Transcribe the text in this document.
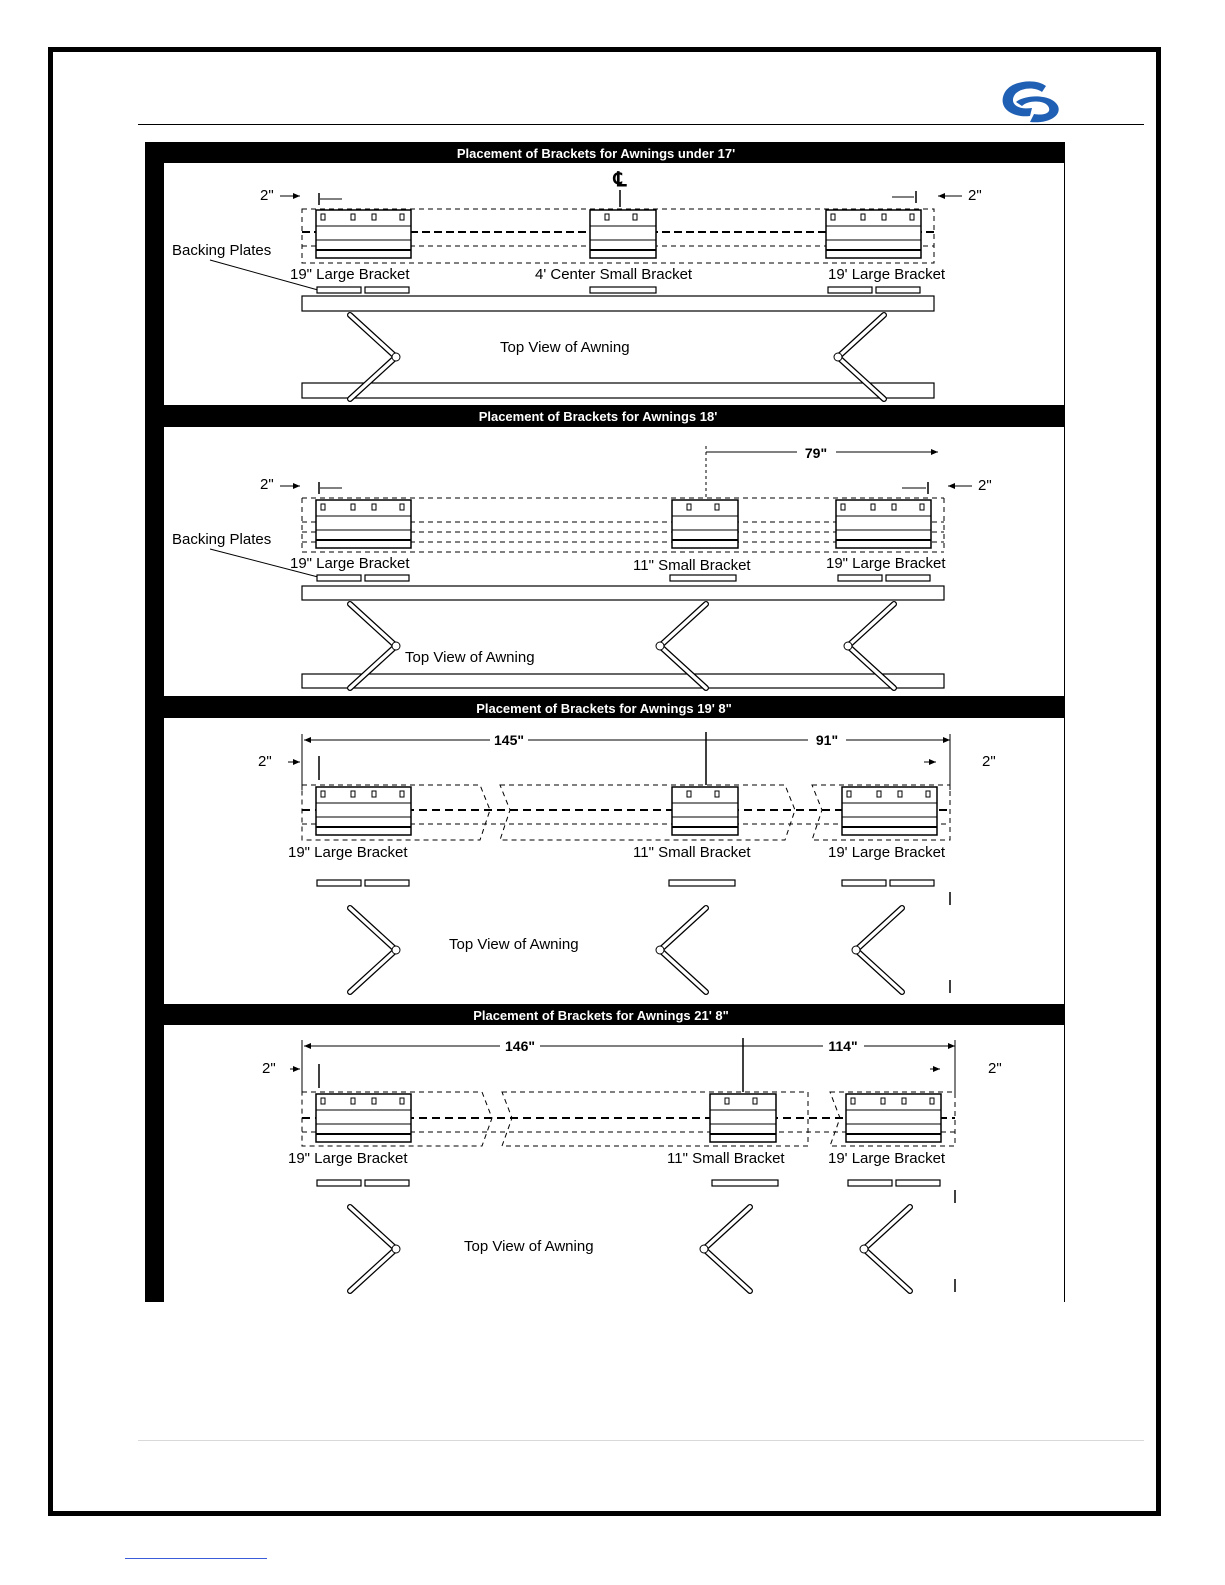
Placement of Brackets for Awnings under 17'
℄
2"	2"
Backing Plates
19" Large Bracket	4' Center Small Bracket	19' Large Bracket
Top View of Awning
Placement of Brackets for Awnings 18'
79"
2"	2"
Backing Plates
19" Large Bracket	11" Small Bracket	19" Large Bracket
Top View of Awning
Placement of Brackets for Awnings 19' 8"
145"	91"
2"	2"
19" Large Bracket	11" Small Bracket	19' Large Bracket
Top View of Awning
Placement of Brackets for Awnings 21' 8"
146"	114"
2"	2"
19" Large Bracket	11" Small Bracket	19' Large Bracket
Top View of Awning
